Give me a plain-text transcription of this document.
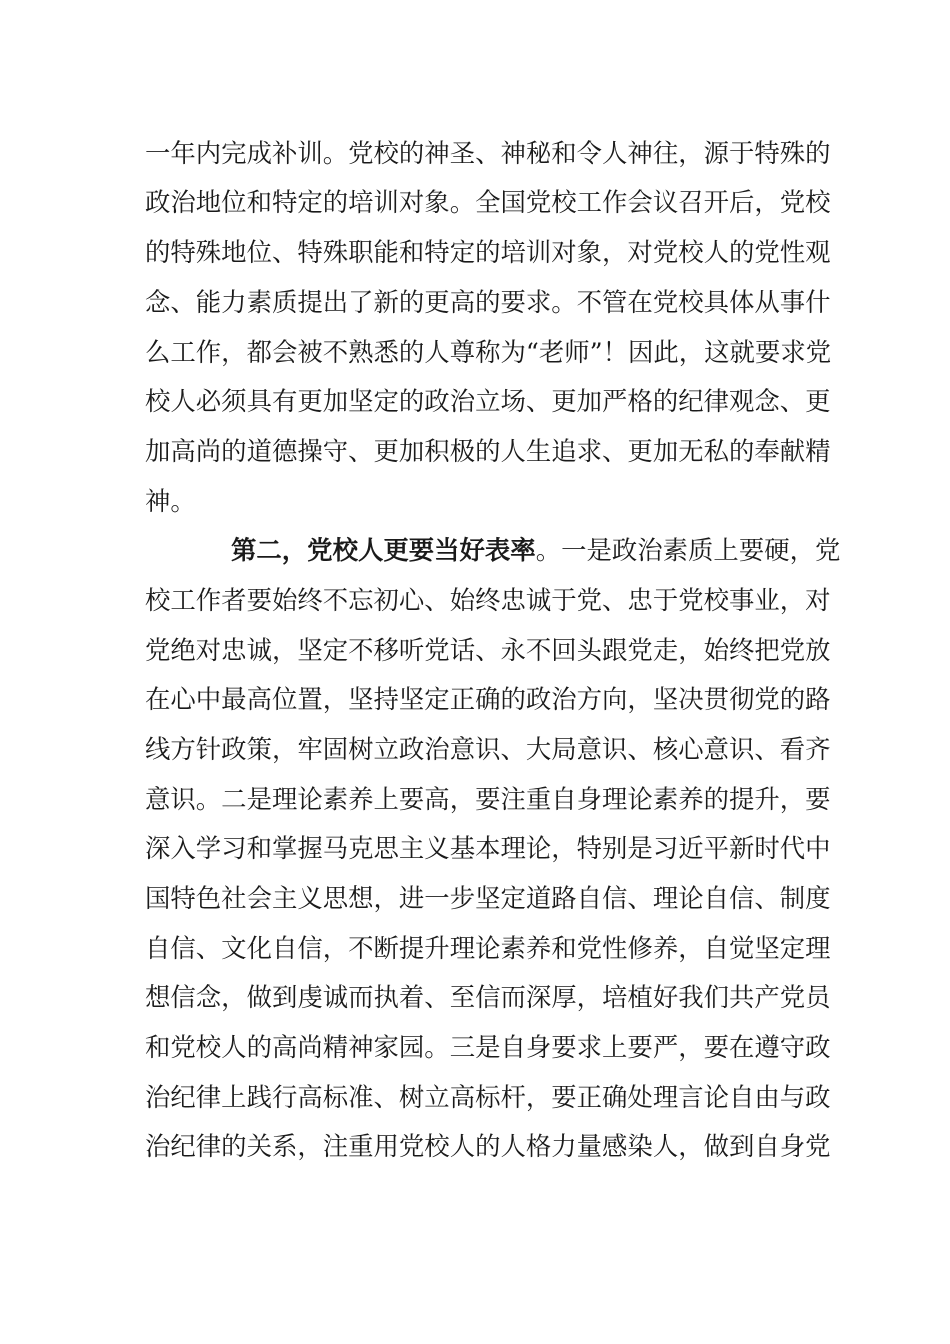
一年内完成补训。党校的神圣、神秘和令人神往，源于特殊的
政治地位和特定的培训对象。全国党校工作会议召开后，党校
的特殊地位、特殊职能和特定的培训对象，对党校人的党性观
念、能力素质提出了新的更高的要求。不管在党校具体从事什
么工作，都会被不熟悉的人尊称为“老师”！因此，这就要求党
校人必须具有更加坚定的政治立场、更加严格的纪律观念、更
加高尚的道德操守、更加积极的人生追求、更加无私的奉献精
神。
第二，党校人更要当好表率。一是政治素质上要硬，党
校工作者要始终不忘初心、始终忠诚于党、忠于党校事业，对
党绝对忠诚，坚定不移听党话、永不回头跟党走，始终把党放
在心中最高位置，坚持坚定正确的政治方向，坚决贯彻党的路
线方针政策，牢固树立政治意识、大局意识、核心意识、看齐
意识。二是理论素养上要高，要注重自身理论素养的提升，要
深入学习和掌握马克思主义基本理论，特别是习近平新时代中
国特色社会主义思想，进一步坚定道路自信、理论自信、制度
自信、文化自信，不断提升理论素养和党性修养，自觉坚定理
想信念，做到虔诚而执着、至信而深厚，培植好我们共产党员
和党校人的高尚精神家园。三是自身要求上要严，要在遵守政
治纪律上践行高标准、树立高标杆，要正确处理言论自由与政
治纪律的关系，注重用党校人的人格力量感染人，做到自身党
